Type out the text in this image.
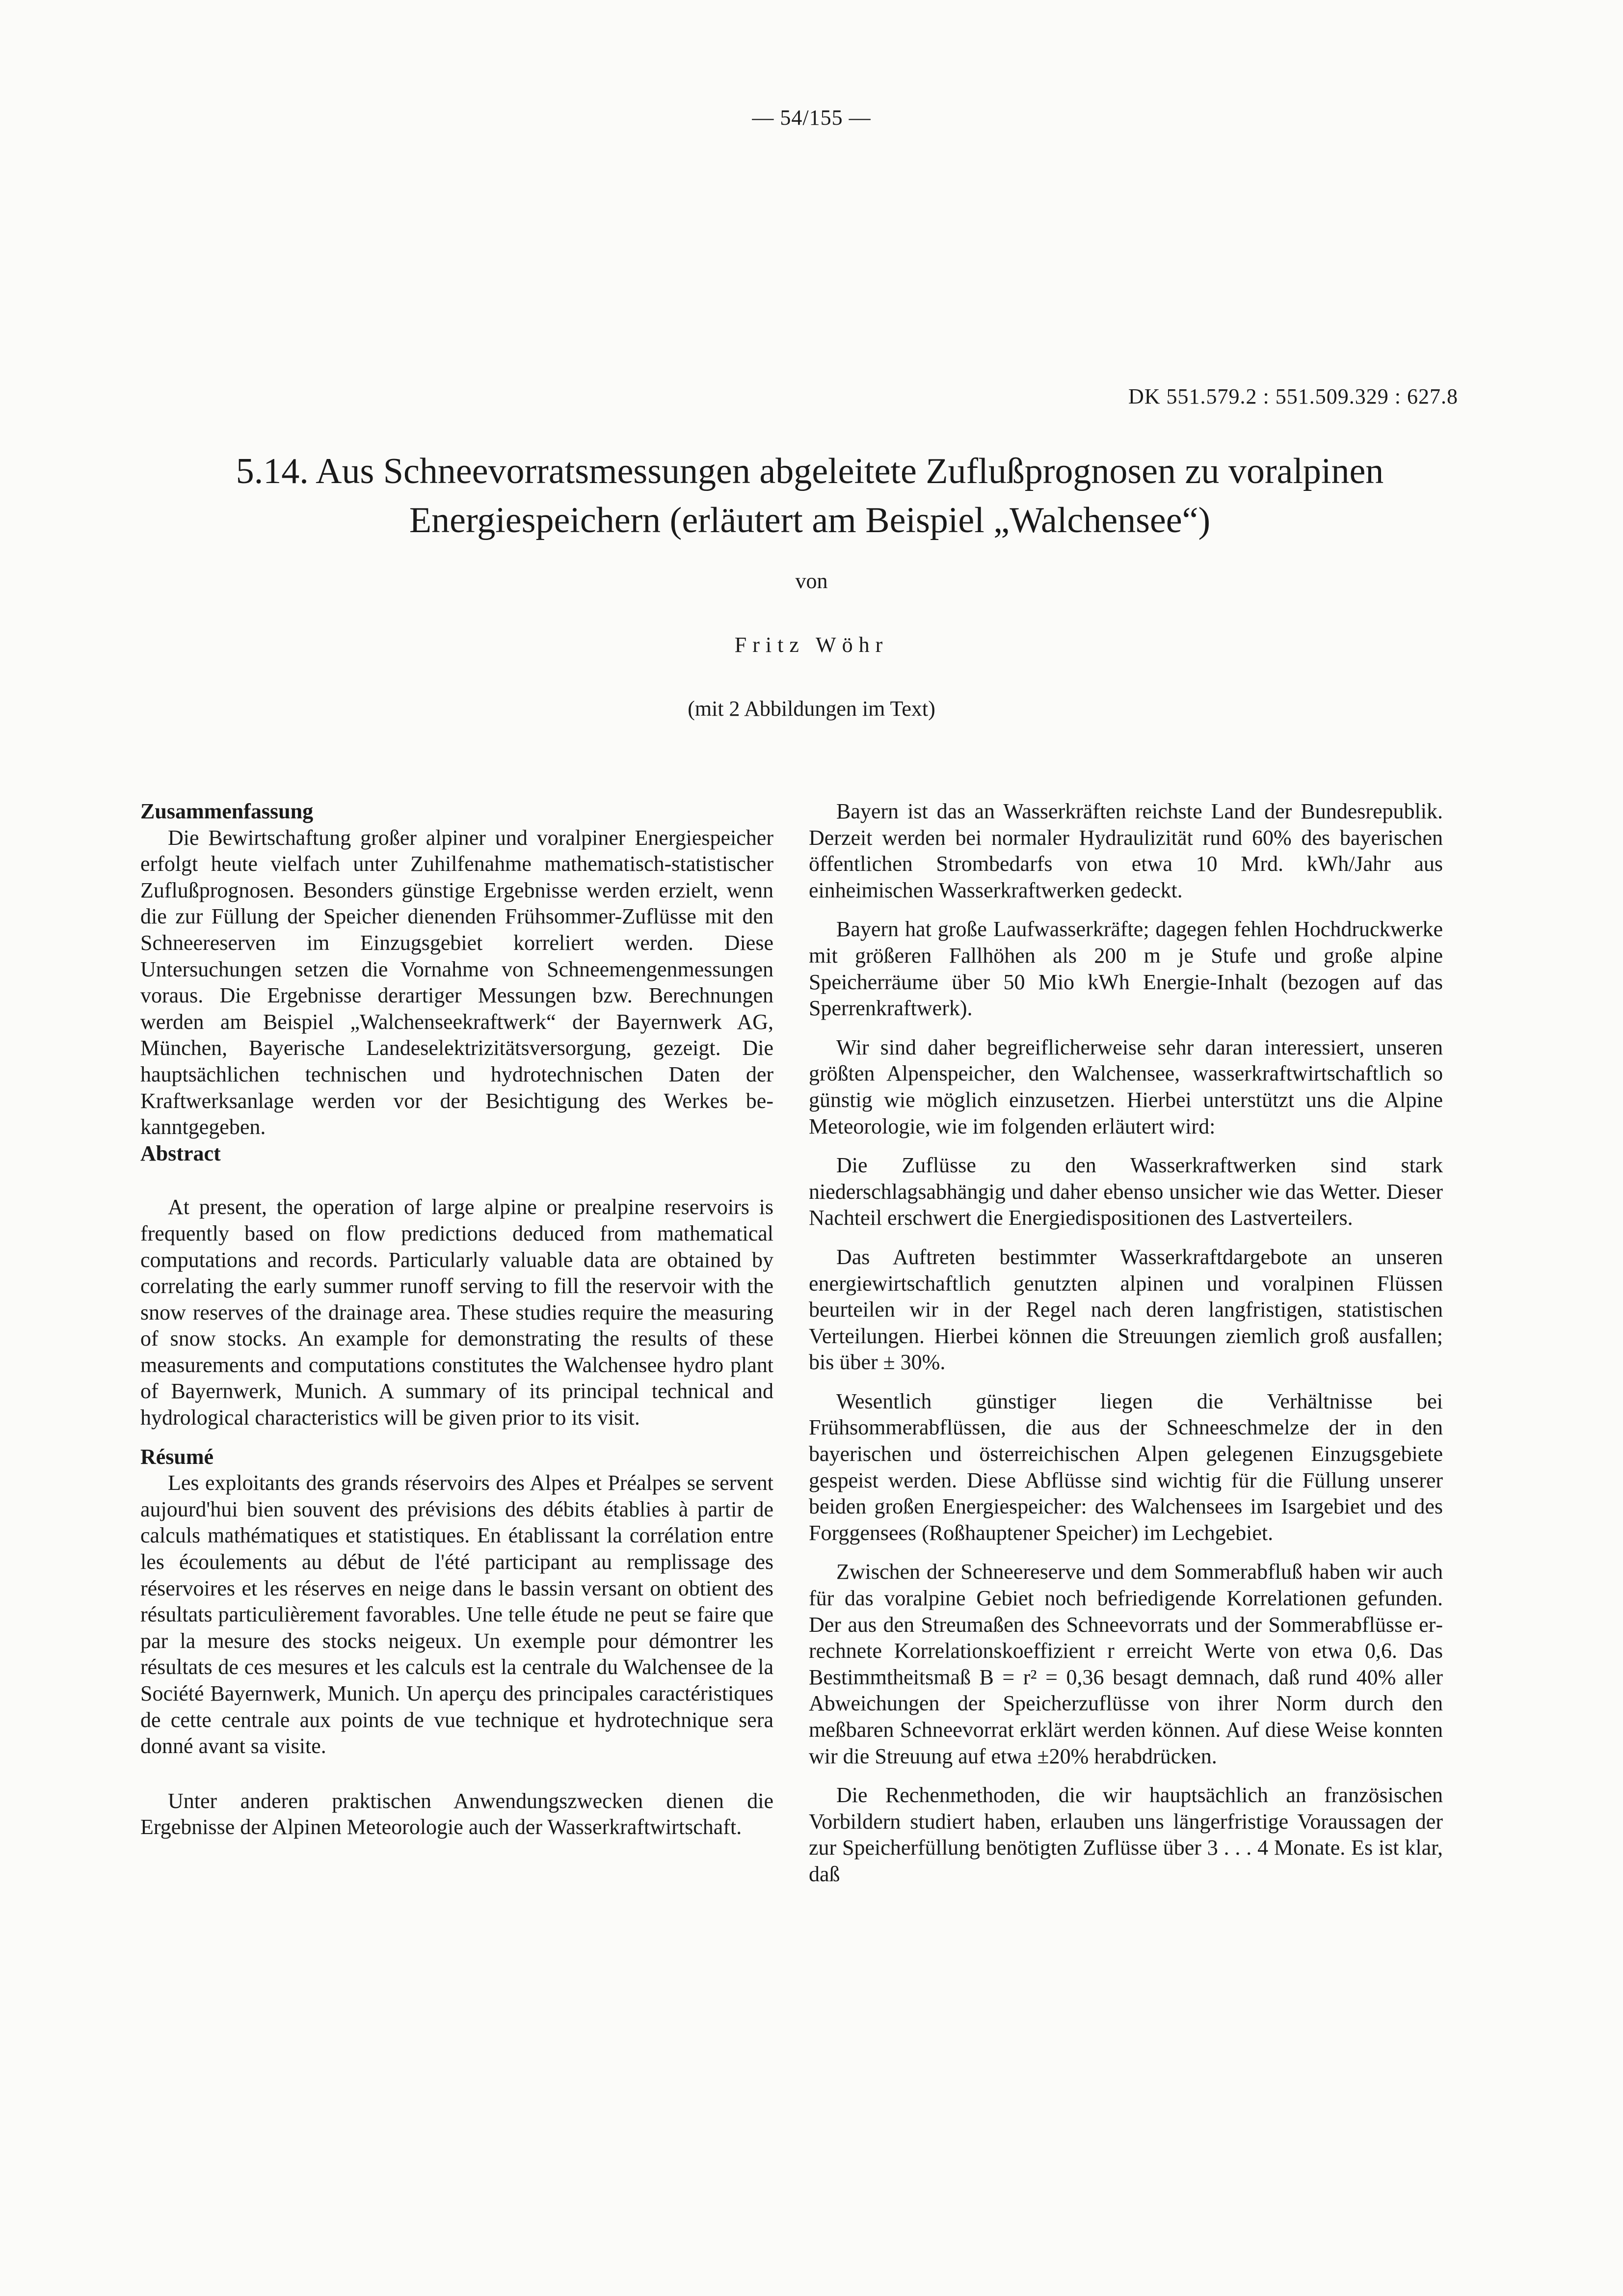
— 54/155 —
DK 551.579.2 : 551.509.329 : 627.8
5.14. Aus Schneevorratsmessungen abgeleitete Zuflußprognosen zu voralpinen
Energiespeichern (erläutert am Beispiel „Walchensee“)
von
Fritz Wöhr
(mit 2 Abbildungen im Text)
Zusammenfassung

Die Bewirtschaftung großer alpiner und voralpiner Energiespeicher erfolgt heute vielfach unter Zuhilfenahme mathematisch-statistischer Zuflußprognosen. Besonders günstige Ergebnisse werden erzielt, wenn die zur Füllung der Speicher dienenden Frühsommer-Zuflüsse mit den Schneereserven im Einzugsgebiet korreliert werden. Diese Untersuchungen setzen die Vornahme von Schneemengenmessungen voraus. Die Ergebnisse derartiger Messungen bzw. Berechnungen werden am Beispiel „Walchenseekraftwerk“ der Bayernwerk AG, München, Bayerische Landeselektrizitätsversorgung, gezeigt. Die hauptsächlichen technischen und hydrotechnischen Daten der Kraftwerksanlage werden vor der Besichtigung des Werkes bekanntgegeben.

Abstract

At present, the operation of large alpine or prealpine reservoirs is frequently based on flow predictions deduced from mathematical computations and records. Particularly valuable data are obtained by correlating the early summer runoff serving to fill the reservoir with the snow reserves of the drainage area. These studies require the measuring of snow stocks. An example for demonstrating the results of these measurements and computations constitutes the Walchensee hydro plant of Bayernwerk, Munich. A summary of its principal technical and hydrological characteristics will be given prior to its visit.

Résumé

Les exploitants des grands réservoirs des Alpes et Préalpes se servent aujourd'hui bien souvent des prévisions des débits établies à partir de calculs mathématiques et statistiques. En établissant la corrélation entre les écoulements au début de l'été participant au remplissage des réservoires et les réserves en neige dans le bassin versant on obtient des résultats particulièrement favorables. Une telle étude ne peut se faire que par la mesure des stocks neigeux. Un exemple pour démontrer les résultats de ces mesures et les calculs est la centrale du Walchensee de la Société Bayernwerk, Munich. Un aperçu des principales caractéristiques de cette centrale aux points de vue technique et hydrotechnique sera donné avant sa visite.

Unter anderen praktischen Anwendungszwecken dienen die Ergebnisse der Alpinen Meteorologie auch der Wasserkraftwirtschaft.

Bayern ist das an Wasserkräften reichste Land der Bundesrepublik. Derzeit werden bei normaler Hydraulizität rund 60% des bayerischen öffentlichen Strombedarfs von etwa 10 Mrd. kWh/Jahr aus einheimischen Wasserkraftwerken gedeckt.

Bayern hat große Laufwasserkräfte; dagegen fehlen Hochdruckwerke mit größeren Fallhöhen als 200 m je Stufe und große alpine Speicherräume über 50 Mio kWh Energie-Inhalt (bezogen auf das Sperrenkraftwerk).

Wir sind daher begreiflicherweise sehr daran interessiert, unseren größten Alpenspeicher, den Walchensee, wasserkraftwirtschaftlich so günstig wie möglich einzusetzen. Hierbei unterstützt uns die Alpine Meteorologie, wie im folgenden erläutert wird:

Die Zuflüsse zu den Wasserkraftwerken sind stark niederschlagsabhängig und daher ebenso unsicher wie das Wetter. Dieser Nachteil erschwert die Energiedispositionen des Lastverteilers.

Das Auftreten bestimmter Wasserkraftdargebote an unseren energiewirtschaftlich genutzten alpinen und voralpinen Flüssen beurteilen wir in der Regel nach deren langfristigen, statistischen Verteilungen. Hierbei können die Streuungen ziemlich groß ausfallen; bis über ± 30%.

Wesentlich günstiger liegen die Verhältnisse bei Frühsommerabflüssen, die aus der Schneeschmelze der in den bayerischen und österreichischen Alpen gelegenen Einzugsgebiete gespeist werden. Diese Abflüsse sind wichtig für die Füllung unserer beiden großen Energiespeicher: des Walchensees im Isargebiet und des Forggensees (Roßhauptener Speicher) im Lechgebiet.

Zwischen der Schneereserve und dem Sommerabfluß haben wir auch für das voralpine Gebiet noch befriedigende Korrelationen gefunden. Der aus den Streumaßen des Schneevorrats und der Sommerabflüsse errechnete Korrelationskoeffizient r erreicht Werte von etwa 0,6. Das Bestimmtheitsmaß B = r² = 0,36 besagt demnach, daß rund 40% aller Abweichungen der Speicherzuflüsse von ihrer Norm durch den meßbaren Schneevorrat erklärt werden können. Auf diese Weise konnten wir die Streuung auf etwa ±20% herabdrücken.

Die Rechenmethoden, die wir hauptsächlich an französischen Vorbildern studiert haben, erlauben uns längerfristige Voraussagen der zur Speicherfüllung benötigten Zuflüsse über 3 . . . 4 Monate. Es ist klar, daß
